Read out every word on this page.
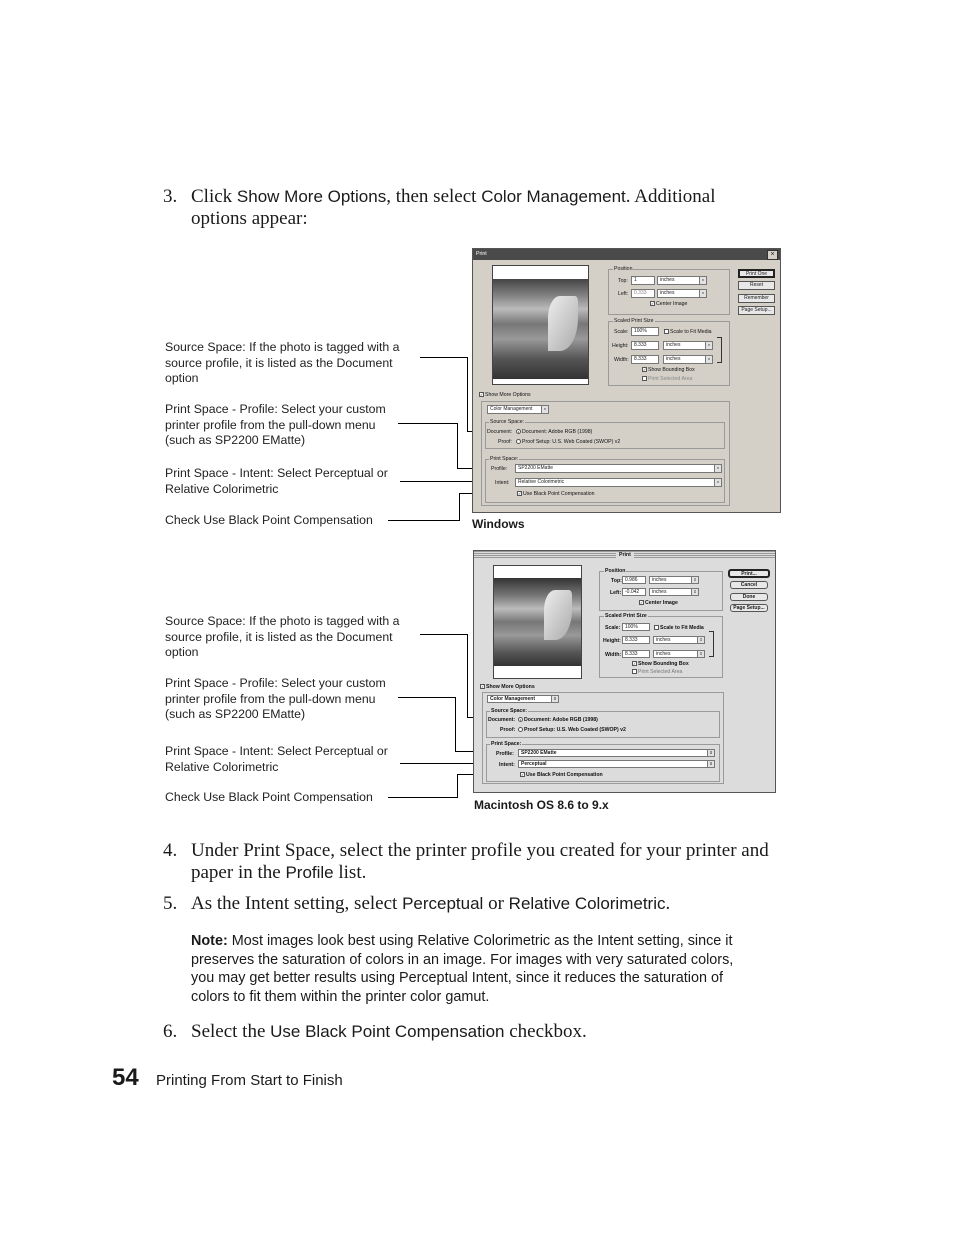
3. Click Show More Options, then select Color Management. Additional
options appear:
Source Space: If the photo is tagged with a source profile, it is listed as the Document option
Print Space - Profile: Select your custom printer profile from the pull-down menu (such as SP2200 EMatte)
Print Space - Intent: Select Perceptual or Relative Colorimetric
Check Use Black Point Compensation
Print	×
Position
Top:	1	inches	v
Left:	0.333	inches	v
✓ Center Image
Scaled Print Size
Scale:	100%	Scale to Fit Media
Height:	8.333	inches	v
Width:	8.333	inches	v
✓ Show Bounding Box
Print Selected Area
Print One
Reset
Remember
Page Setup...
✓ Show More Options
Color Management	v
Source Space:
Document:	• Document: Adobe RGB (1998)
Proof:	Proof Setup: U.S. Web Coated (SWOP) v2
Print Space:
Profile:	SP2200 EMatte	v
Intent:	Relative Colorimetric	v
✓ Use Black Point Compensation
Windows
Source Space: If the photo is tagged with a source profile, it is listed as the Document option
Print Space - Profile: Select your custom printer profile from the pull-down menu (such as SP2200 EMatte)
Print Space - Intent: Select Perceptual or Relative Colorimetric
Check Use Black Point Compensation
Print
Position
Top: 0.986	inches	⇕
Left: -0.042	inches	⇕
✓ Center Image
Scaled Print Size
Scale: 100%	Scale to Fit Media
Height: 8.333	inches	⇕
Width: 8.333	inches	⇕
✓ Show Bounding Box
Print Selected Area
Print...
Cancel
Done
Page Setup...
✓ Show More Options
Color Management	⇕
Source Space:
Document:	• Document: Adobe RGB (1998)
Proof:	Proof Setup: U.S. Web Coated (SWOP) v2
Print Space:
Profile:	SP2200 EMatte	⇕
Intent:	Perceptual	⇕
✓ Use Black Point Compensation
Macintosh OS 8.6 to 9.x
4. Under Print Space, select the printer profile you created for your printer and
paper in the Profile list.
5. As the Intent setting, select Perceptual or Relative Colorimetric.
Note: Most images look best using Relative Colorimetric as the Intent setting, since it preserves the saturation of colors in an image. For images with very saturated colors, you may get better results using Perceptual Intent, since it reduces the saturation of colors to fit them within the printer color gamut.
6. Select the Use Black Point Compensation checkbox.
54 Printing From Start to Finish
